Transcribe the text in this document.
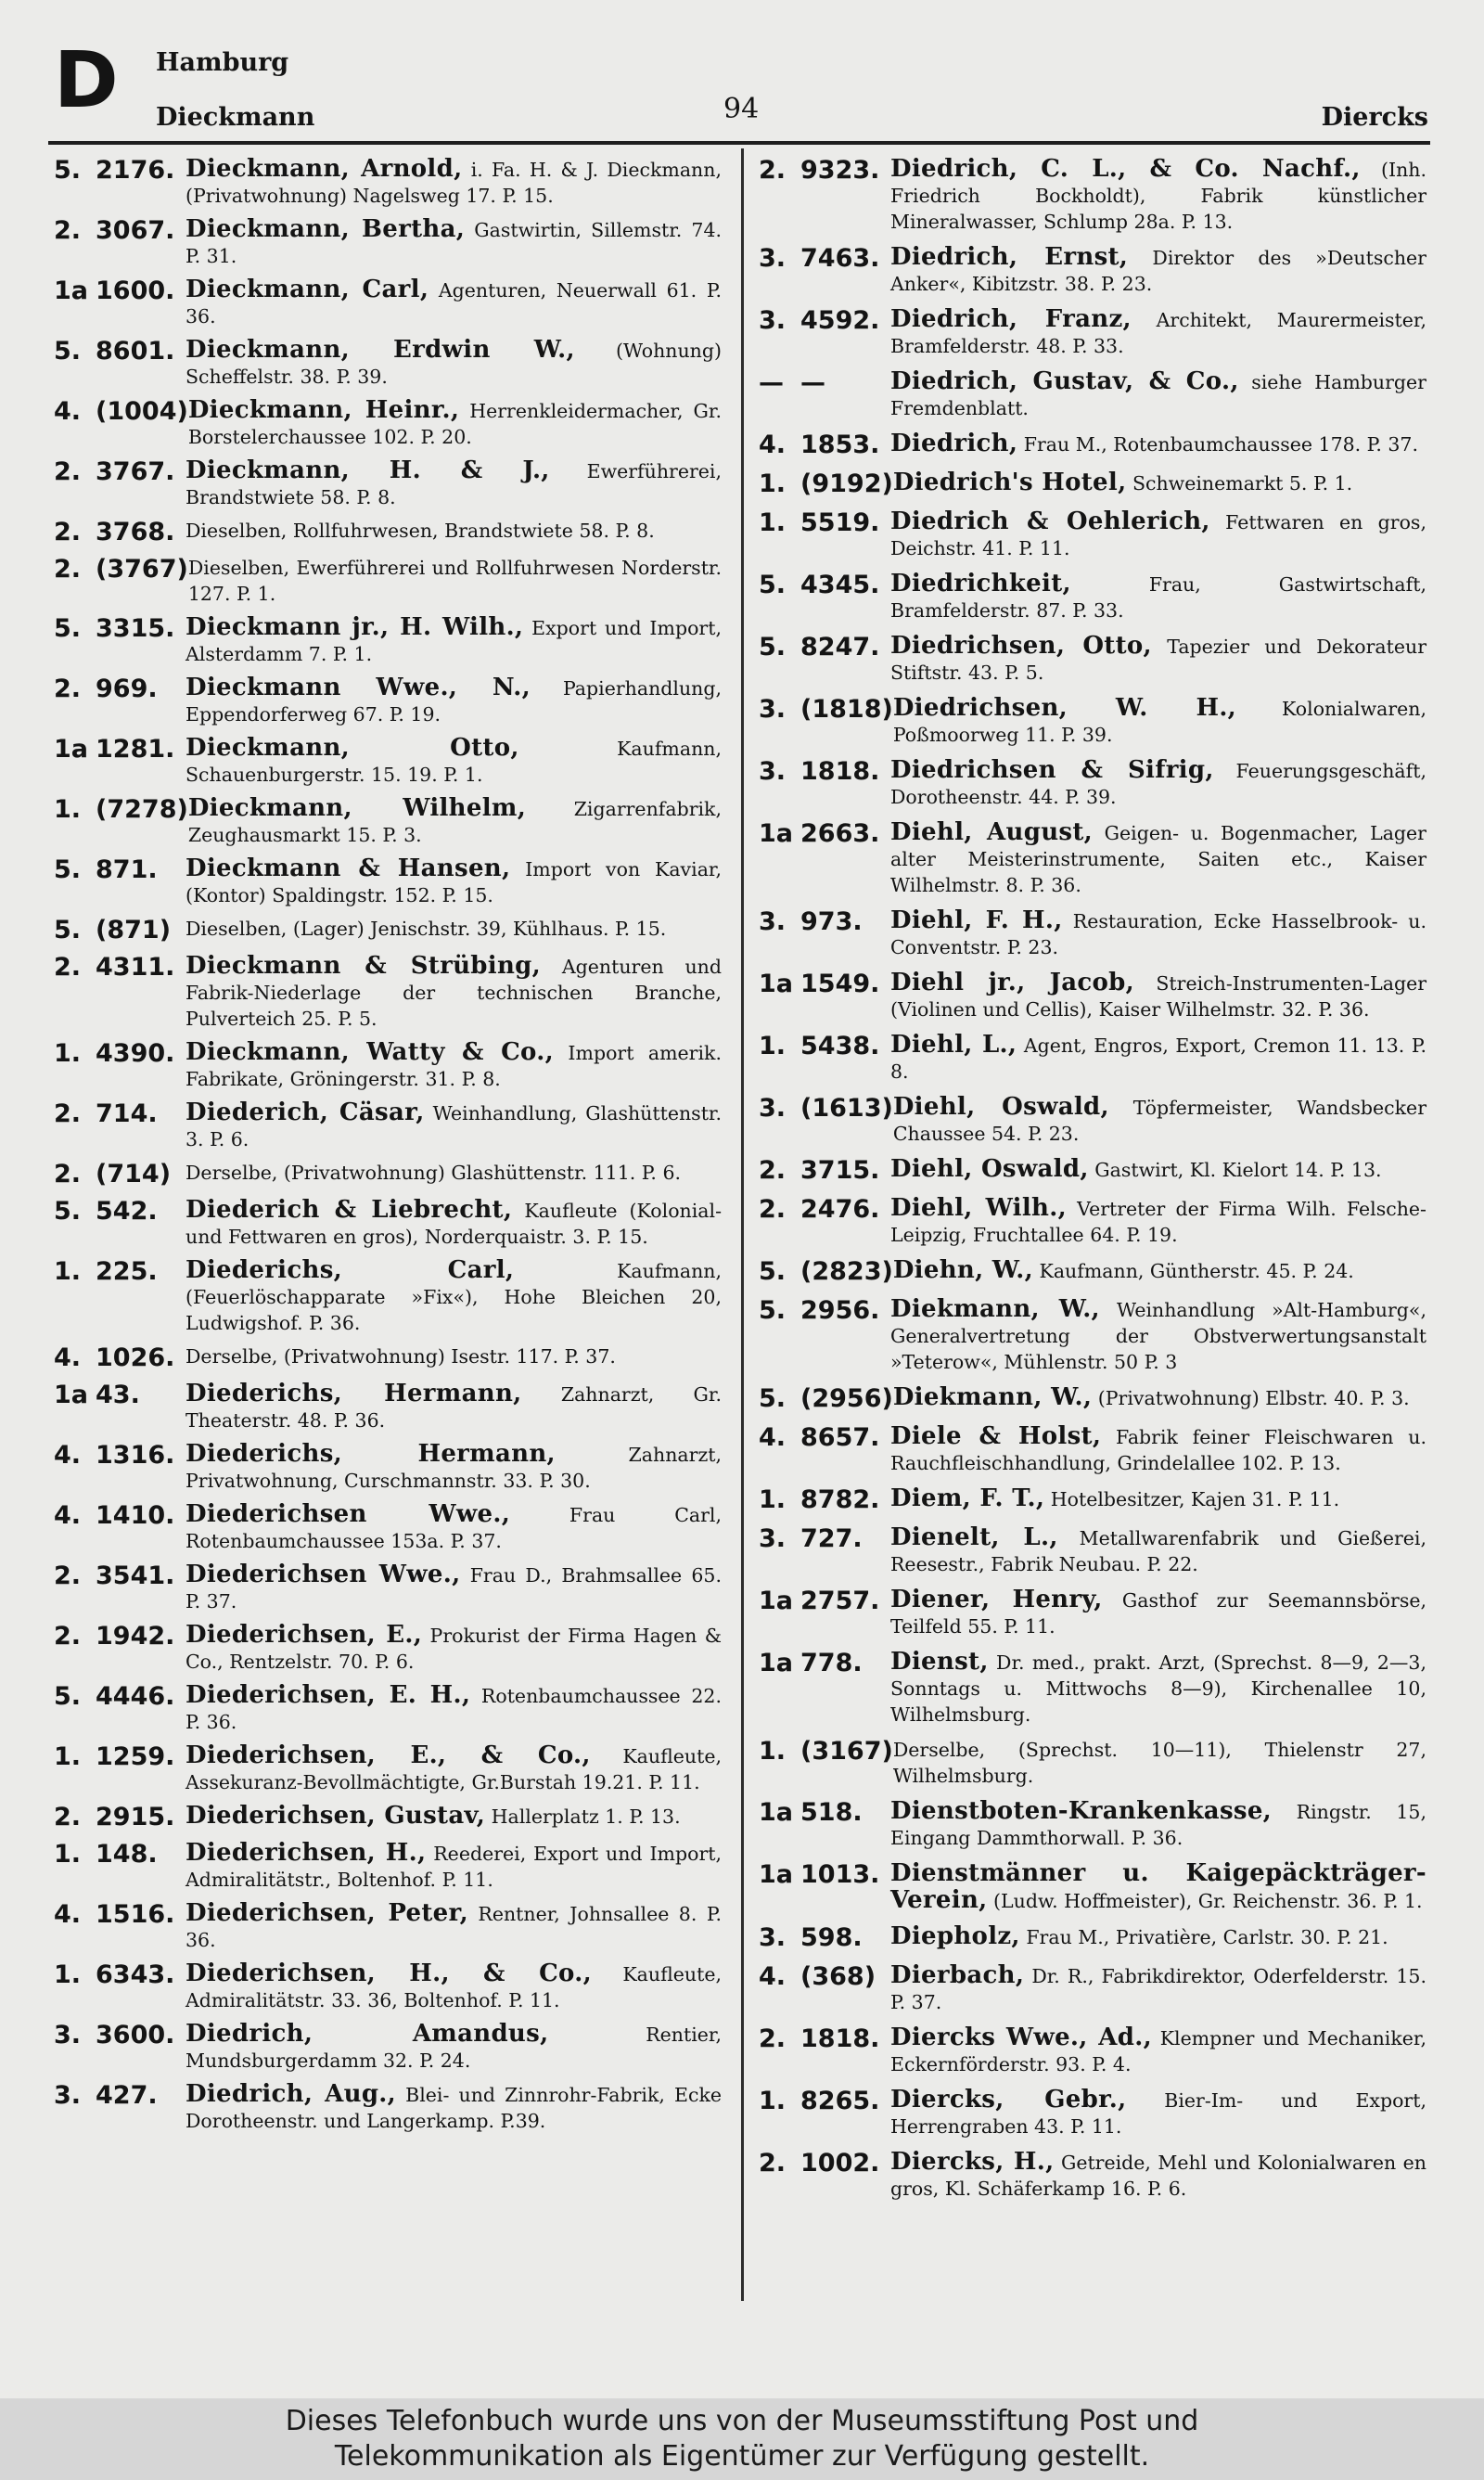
D Hamburg
Dieckmann	94	Diercks
5. 2176. Dieckmann, Arnold, i. Fa. H. & J. Dieckmann, (Privatwohnung) Nagelsweg 17. P. 15.
2. 3067. Dieckmann, Bertha, Gastwirtin, Sillemstr. 74. P. 31.
1a 1600. Dieckmann, Carl, Agenturen, Neuerwall 61. P. 36.
5. 8601. Dieckmann, Erdwin W., (Wohnung) Scheffelstr. 38. P. 39.
4. (1004) Dieckmann, Heinr., Herrenkleidermacher, Gr. Borstelerchaussee 102. P. 20.
2. 3767. Dieckmann, H. & J., Ewerführerei, Brandstwiete 58. P. 8.
2. 3768. Dieselben, Rollfuhrwesen, Brandstwiete 58. P. 8.
2. (3767) Dieselben, Ewerführerei und Rollfuhrwesen Norderstr. 127. P. 1.
5. 3315. Dieckmann jr., H. Wilh., Export und Import, Alsterdamm 7. P. 1.
2. 969.	Dieckmann Wwe., N., Papierhandlung, Eppendorferweg 67. P. 19.
1a 1281. Dieckmann, Otto,	Kaufmann, Schauenburgerstr. 15. 19. P. 1.
1. (7278) Dieckmann, Wilhelm,	Zigarrenfabrik, Zeughausmarkt 15. P. 3.
5. 871.	Dieckmann & Hansen, Import von Kaviar, (Kontor) Spaldingstr. 152. P. 15.
5. (871) Dieselben, (Lager) Jenischstr. 39, Kühlhaus. P. 15.
2. 4311. Dieckmann & Strübing, Agenturen und Fabrik-Niederlage der technischen Branche, Pulverteich 25. P. 5.
1. 4390. Dieckmann, Watty & Co., Import amerik. Fabrikate, Gröningerstr. 31. P. 8.
2. 714.	Diederich, Cäsar, Weinhandlung, Glashüttenstr. 3. P. 6.
2. (714) Derselbe, (Privatwohnung) Glashüttenstr. 111. P. 6.
5. 542.	Diederich & Liebrecht, Kaufleute (Kolonial- und Fettwaren en gros), Norderquaistr. 3. P. 15.
1. 225.	Diederichs, Carl,	Kaufmann, (Feuerlöschapparate »Fix«), Hohe Bleichen 20, Ludwigshof. P. 36.
4. 1026. Derselbe, (Privatwohnung) Isestr. 117. P. 37.
1a 43.	Diederichs, Hermann, Zahnarzt, Gr. Theaterstr. 48. P. 36.
4. 1316. Diederichs, Hermann,	Zahnarzt, Privatwohnung, Curschmannstr. 33. P. 30.
4. 1410. Diederichsen Wwe.,	Frau Carl, Rotenbaumchaussee 153a. P. 37.
2. 3541. Diederichsen Wwe., Frau D., Brahmsallee 65. P. 37.
2. 1942. Diederichsen, E., Prokurist der Firma Hagen & Co., Rentzelstr. 70. P. 6.
5. 4446. Diederichsen, E. H., Rotenbaumchaussee 22. P. 36.
1. 1259. Diederichsen, E., & Co., Kaufleute, Assekuranz-Bevollmächtigte, Gr.Burstah 19.21. P. 11.
2. 2915. Diederichsen, Gustav, Hallerplatz 1. P. 13.
1. 148.	Diederichsen, H., Reederei, Export und Import, Admiralitätstr., Boltenhof. P. 11.
4. 1516. Diederichsen, Peter, Rentner, Johnsallee 8. P. 36.
1. 6343. Diederichsen, H., & Co., Kaufleute, Admiralitätstr. 33. 36, Boltenhof. P. 11.
3. 3600. Diedrich, Amandus,	Rentier, Mundsburgerdamm 32. P. 24.
3. 427.	Diedrich, Aug., Blei- und Zinnrohr-Fabrik, Ecke Dorotheenstr. und Langerkamp. P.39.
2. 9323. Diedrich, C. L., & Co. Nachf., (Inh. Friedrich Bockholdt), Fabrik künstlicher Mineralwasser, Schlump 28a. P. 13.
3. 7463. Diedrich, Ernst, Direktor des »Deutscher Anker«, Kibitzstr. 38. P. 23.
3. 4592. Diedrich, Franz, Architekt, Maurermeister, Bramfelderstr. 48. P. 33.
— —	Diedrich, Gustav, & Co., siehe Hamburger Fremdenblatt.
4. 1853. Diedrich, Frau M., Rotenbaumchaussee 178. P. 37.
1. (9192) Diedrich's Hotel, Schweinemarkt 5. P. 1.
1. 5519. Diedrich & Oehlerich, Fettwaren en gros, Deichstr. 41. P. 11.
5. 4345. Diedrichkeit,	Frau, Gastwirtschaft, Bramfelderstr. 87. P. 33.
5. 8247. Diedrichsen, Otto, Tapezier und Dekorateur Stiftstr. 43. P. 5.
3. (1818) Diedrichsen, W. H., Kolonialwaren, Poßmoorweg 11. P. 39.
3. 1818. Diedrichsen & Sifrig, Feuerungsgeschäft, Dorotheenstr. 44. P. 39.
1a 2663. Diehl, August, Geigen- u. Bogenmacher, Lager alter Meisterinstrumente, Saiten etc., Kaiser Wilhelmstr. 8. P. 36.
3. 973.	Diehl, F. H., Restauration, Ecke Hasselbrook- u. Conventstr. P. 23.
1a 1549. Diehl jr., Jacob, Streich-Instrumenten-Lager (Violinen und Cellis), Kaiser Wilhelmstr. 32. P. 36.
1. 5438. Diehl, L., Agent, Engros, Export, Cremon 11. 13. P. 8.
3. (1613) Diehl, Oswald, Töpfermeister, Wandsbecker Chaussee 54. P. 23.
2. 3715. Diehl, Oswald, Gastwirt, Kl. Kielort 14. P. 13.
2. 2476. Diehl, Wilh., Vertreter der Firma Wilh. Felsche-Leipzig, Fruchtallee 64. P. 19.
5. (2823) Diehn, W., Kaufmann, Güntherstr. 45. P. 24.
5. 2956. Diekmann, W., Weinhandlung »Alt-Hamburg«, Generalvertretung der Obstverwertungsanstalt »Teterow«, Mühlenstr. 50 P. 3
5. (2956) Diekmann, W., (Privatwohnung) Elbstr. 40. P. 3.
4. 8657. Diele & Holst, Fabrik feiner Fleischwaren u. Rauchfleischhandlung, Grindelallee 102. P. 13.
1. 8782. Diem, F. T., Hotelbesitzer, Kajen 31. P. 11.
3. 727.	Dienelt, L., Metallwarenfabrik und Gießerei, Reesestr., Fabrik Neubau. P. 22.
1a 2757. Diener, Henry, Gasthof zur Seemannsbörse, Teilfeld 55. P. 11.
1a 778.	Dienst, Dr. med., prakt. Arzt, (Sprechst. 8—9, 2—3, Sonntags u. Mittwochs 8—9), Kirchenallee 10, Wilhelmsburg.
1. (3167) Derselbe, (Sprechst. 10—11), Thielenstr 27, Wilhelmsburg.
1a 518.	Dienstboten-Krankenkasse, Ringstr. 15, Eingang Dammthorwall. P. 36.
1a 1013. Dienstmänner u. Kaigepäckträger-Verein, (Ludw. Hoffmeister), Gr. Reichenstr. 36. P. 1.
3. 598.	Diepholz, Frau M., Privatière, Carlstr. 30. P. 21.
4. (368) Dierbach, Dr. R., Fabrikdirektor, Oderfelderstr. 15. P. 37.
2. 1818. Diercks Wwe., Ad., Klempner und Mechaniker, Eckernförderstr. 93. P. 4.
1. 8265. Diercks, Gebr., Bier-Im- und Export, Herrengraben 43. P. 11.
2. 1002. Diercks, H., Getreide, Mehl und Kolonialwaren en gros, Kl. Schäferkamp 16. P. 6.
Dieses Telefonbuch wurde uns von der Museumsstiftung Post und
Telekommunikation als Eigentümer zur Verfügung gestellt.
